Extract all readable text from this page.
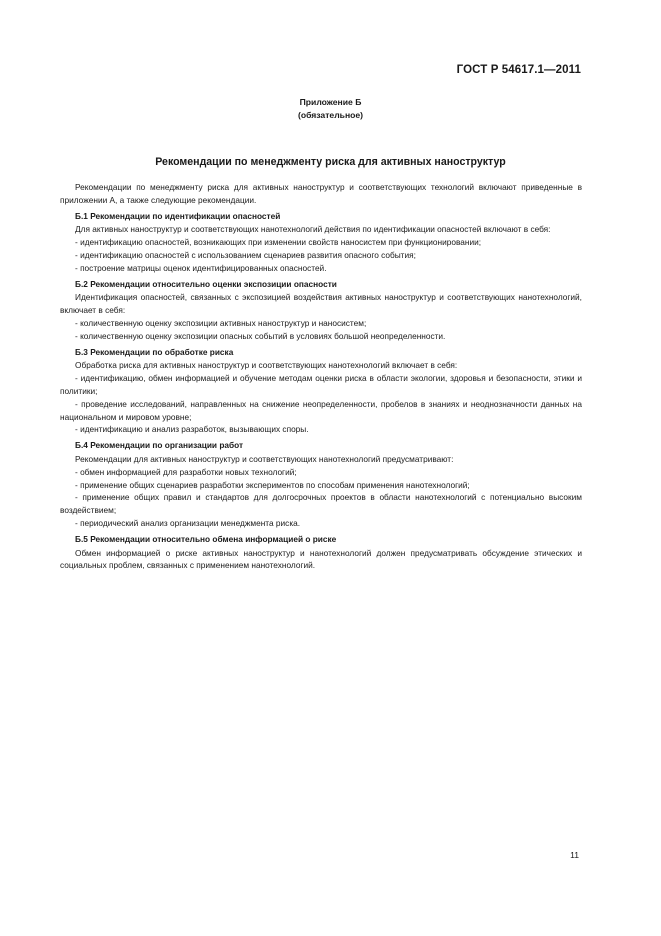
ГОСТ Р 54617.1—2011
Приложение Б
(обязательное)
Рекомендации по менеджменту риска для активных наноструктур

Рекомендации по менеджменту риска для активных наноструктур и соответствующих технологий включают приведенные в приложении А, а также следующие рекомендации.

Б.1 Рекомендации по идентификации опасностей

Для активных наноструктур и соответствующих нанотехнологий действия по идентификации опасностей включают в себя:

- идентификацию опасностей, возникающих при изменении свойств наносистем при функционировании;

- идентификацию опасностей с использованием сценариев развития опасного события;

- построение матрицы оценок идентифицированных опасностей.

Б.2 Рекомендации относительно оценки экспозиции опасности

Идентификация опасностей, связанных с экспозицией воздействия активных наноструктур и соответствующих нанотехнологий, включает в себя:

- количественную оценку экспозиции активных наноструктур и наносистем;

- количественную оценку экспозиции опасных событий в условиях большой неопределенности.

Б.3 Рекомендации по обработке риска

Обработка риска для активных наноструктур и соответствующих нанотехнологий включает в себя:

- идентификацию, обмен информацией и обучение методам оценки риска в области экологии, здоровья и безопасности, этики и политики;

- проведение исследований, направленных на снижение неопределенности, пробелов в знаниях и неоднозначности данных на национальном и мировом уровне;

- идентификацию и анализ разработок, вызывающих споры.

Б.4 Рекомендации по организации работ

Рекомендации для активных наноструктур и соответствующих нанотехнологий предусматривают:

- обмен информацией для разработки новых технологий;

- применение общих сценариев разработки экспериментов по способам применения нанотехнологий;

- применение общих правил и стандартов для долгосрочных проектов в области нанотехнологий с потенциально высоким воздействием;

- периодический анализ организации менеджмента риска.

Б.5 Рекомендации относительно обмена информацией о риске

Обмен информацией о риске активных наноструктур и нанотехнологий должен предусматривать обсуждение этических и социальных проблем, связанных с применением нанотехнологий.

11
